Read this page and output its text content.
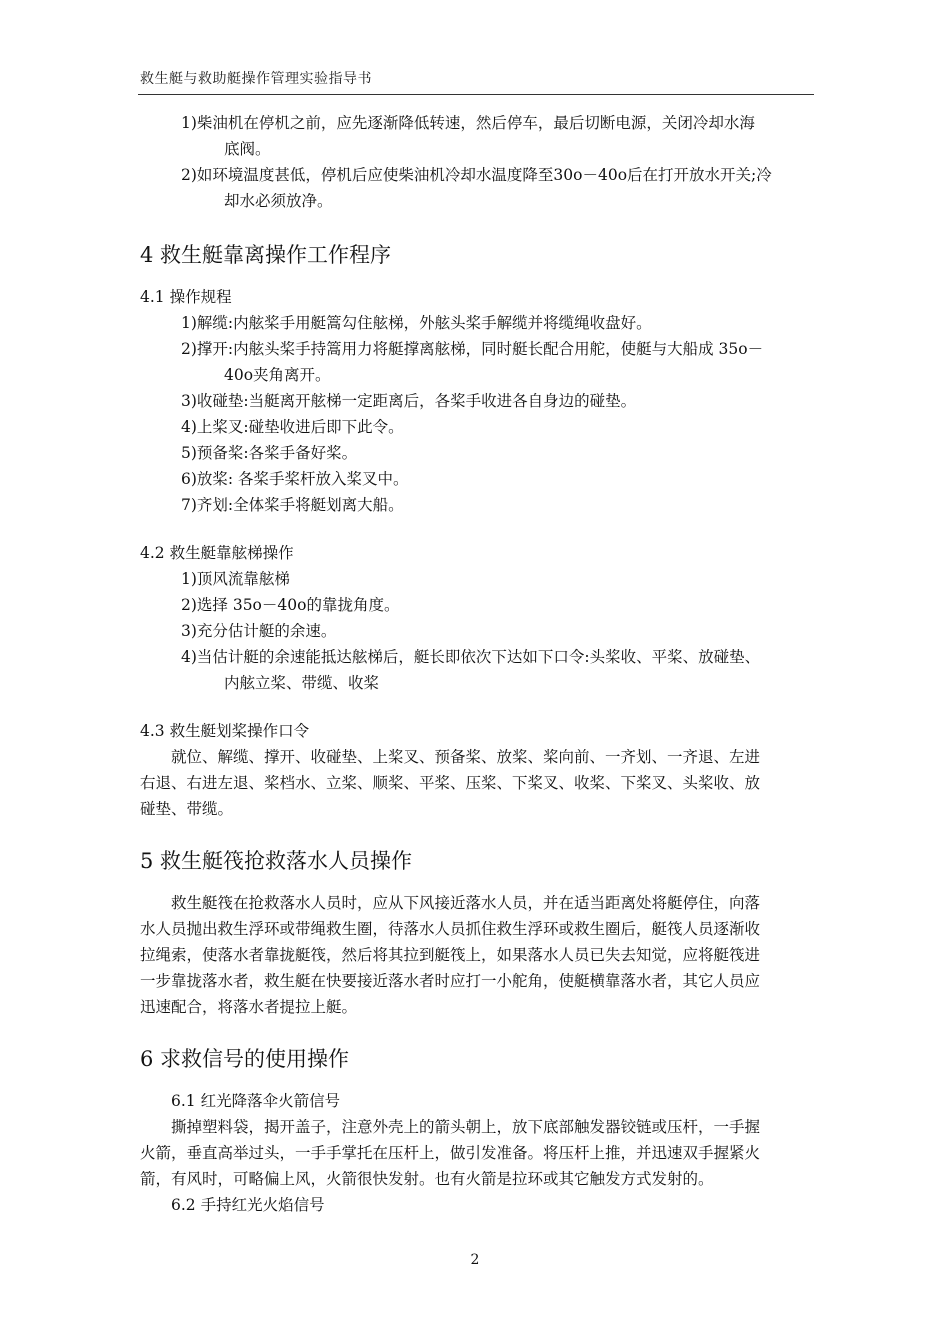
救生艇与救助艇操作管理实验指导书
1)柴油机在停机之前，应先逐渐降低转速，然后停车，最后切断电源，关闭冷却水海
底阀。
2)如环境温度甚低，停机后应使柴油机冷却水温度降至30o－40o后在打开放水开关;冷
却水必须放净。
4 救生艇靠离操作工作程序
4.1 操作规程
1)解缆:内舷桨手用艇篙勾住舷梯，外舷头桨手解缆并将缆绳收盘好。
2)撑开:内舷头桨手持篙用力将艇撑离舷梯，同时艇长配合用舵，使艇与大船成 35o－
40o夹角离开。
3)收碰垫:当艇离开舷梯一定距离后，各桨手收进各自身边的碰垫。
4)上桨叉:碰垫收进后即下此令。
5)预备桨:各桨手备好桨。
6)放桨: 各桨手桨杆放入桨叉中。
7)齐划:全体桨手将艇划离大船。
4.2 救生艇靠舷梯操作
1)顶风流靠舷梯
2)选择 35o－40o的靠拢角度。
3)充分估计艇的余速。
4)当估计艇的余速能抵达舷梯后，艇长即依次下达如下口令:头桨收、平桨、放碰垫、
内舷立桨、带缆、收桨
4.3 救生艇划桨操作口令
就位、解缆、撑开、收碰垫、上桨叉、预备桨、放桨、桨向前、一齐划、一齐退、左进
右退、右进左退、桨档水、立桨、顺桨、平桨、压桨、下桨叉、收桨、下桨叉、头桨收、放
碰垫、带缆。
5 救生艇筏抢救落水人员操作
救生艇筏在抢救落水人员时，应从下风接近落水人员，并在适当距离处将艇停住，向落
水人员抛出救生浮环或带绳救生圈，待落水人员抓住救生浮环或救生圈后，艇筏人员逐渐收
拉绳索，使落水者靠拢艇筏，然后将其拉到艇筏上，如果落水人员已失去知觉，应将艇筏进
一步靠拢落水者，救生艇在快要接近落水者时应打一小舵角，使艇横靠落水者，其它人员应
迅速配合，将落水者提拉上艇。
6 求救信号的使用操作
6.1 红光降落伞火箭信号
撕掉塑料袋，揭开盖子，注意外壳上的箭头朝上，放下底部触发器铰链或压杆，一手握
火箭，垂直高举过头，一手手掌托在压杆上，做引发准备。将压杆上推，并迅速双手握紧火
箭，有风时，可略偏上风，火箭很快发射。也有火箭是拉环或其它触发方式发射的。
6.2 手持红光火焰信号
2
